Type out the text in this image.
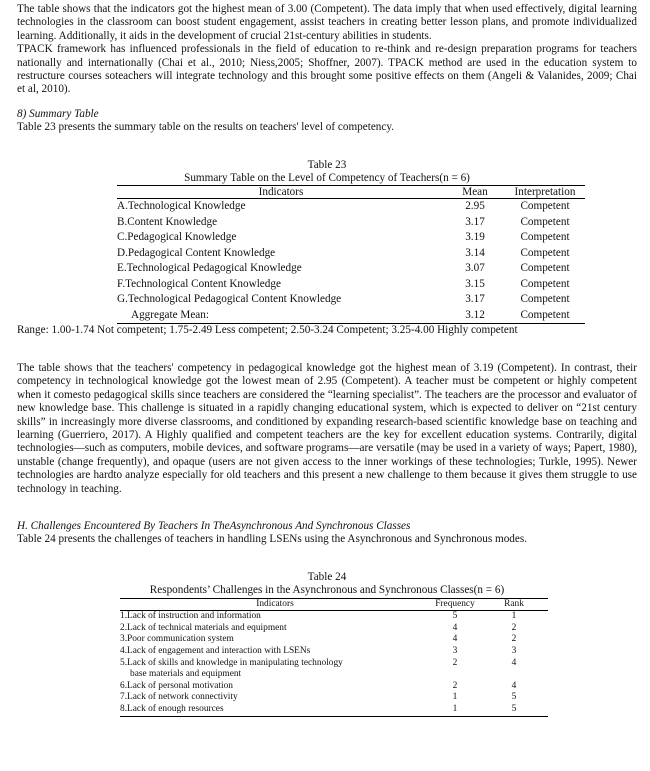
The table shows that the indicators got the highest mean of 3.00 (Competent). The data imply that when used effectively, digital learning technologies in the classroom can boost student engagement, assist teachers in creating better lesson plans, and promote individualized learning. Additionally, it aids in the development of crucial 21st-century abilities in students.

TPACK framework has influenced professionals in the field of education to re-think and re-design preparation programs for teachers nationally and internationally (Chai et al., 2010; Niess,2005; Shoffner, 2007). TPACK method are used in the education system to restructure courses soteachers will integrate technology and this brought some positive effects on them (Angeli & Valanides, 2009; Chai et al, 2010).

8) Summary Table

Table 23 presents the summary table on the results on teachers' level of competency.

Table 23

Summary Table on the Level of Competency of Teachers(n = 6)

Indicators	Mean	Interpretation
A.Technological Knowledge	2.95	Competent
B.Content Knowledge	3.17	Competent
C.Pedagogical Knowledge	3.19	Competent
D.Pedagogical Content Knowledge	3.14	Competent
E.Technological Pedagogical Knowledge	3.07	Competent
F.Technological Content Knowledge	3.15	Competent
G.Technological Pedagogical Content Knowledge	3.17	Competent
Aggregate Mean:	3.12	Competent

Range: 1.00-1.74 Not competent; 1.75-2.49 Less competent; 2.50-3.24 Competent; 3.25-4.00 Highly competent

The table shows that the teachers' competency in pedagogical knowledge got the highest mean of 3.19 (Competent). In contrast, their competency in technological knowledge got the lowest mean of 2.95 (Competent). A teacher must be competent or highly competent when it comesto pedagogical skills since teachers are considered the “learning specialist”. The teachers are the processor and evaluator of new knowledge base. This challenge is situated in a rapidly changing educational system, which is expected to deliver on “21st century skills” in increasingly more diverse classrooms, and conditioned by expanding research-based scientific knowledge base on teaching and learning (Guerriero, 2017). A Highly qualified and competent teachers are the key for excellent education systems. Contrarily, digital technologies—such as computers, mobile devices, and software programs—are versatile (may be used in a variety of ways; Papert, 1980), unstable (change frequently), and opaque (users are not given access to the inner workings of these technologies; Turkle, 1995). Newer technologies are hardto analyze especially for old teachers and this present a new challenge to them because it gives them struggle to use technology in teaching.

H. Challenges Encountered By Teachers In TheAsynchronous And Synchronous Classes

Table 24 presents the challenges of teachers in handling LSENs using the Asynchronous and Synchronous modes.

Table 24

Respondents’ Challenges in the Asynchronous and Synchronous Classes(n = 6)

Indicators	Frequency	Rank
1.Lack of instruction and information	5	1
2.Lack of technical materials and equipment	4	2
3.Poor communication system	4	2
4.Lack of engagement and interaction with LSENs	3	3
5.Lack of skills and knowledge in manipulating technology
base materials and equipment	2	4
6.Lack of personal motivation	2	4
7.Lack of network connectivity	1	5
8.Lack of enough resources	1	5
